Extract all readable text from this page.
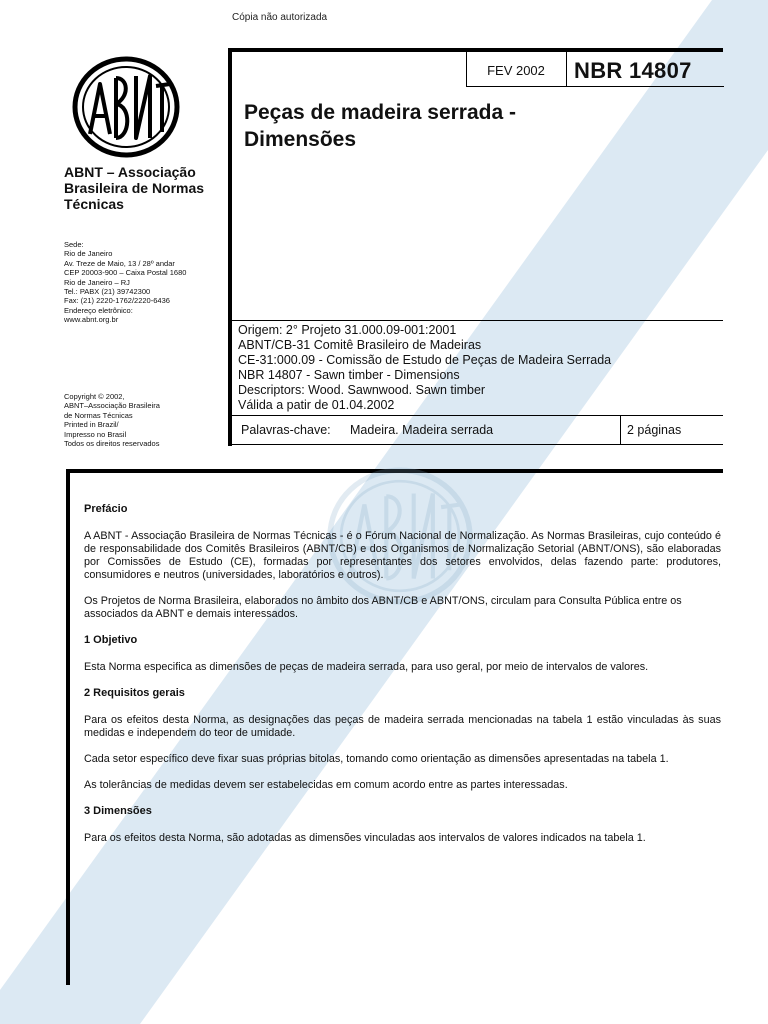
Cópia não autorizada
ABNT
ABNT – Associação Brasileira de Normas Técnicas
Sede:
Rio de Janeiro
Av. Treze de Maio, 13 / 28º andar
CEP 20003-900 – Caixa Postal 1680
Rio de Janeiro – RJ
Tel.: PABX (21) 39742300
Fax: (21) 2220-1762/2220-6436
Endereço eletrônico:
www.abnt.org.br
Copyright © 2002,
ABNT–Associação Brasileira
de Normas Técnicas
Printed in Brazil/
Impresso no Brasil
Todos os direitos reservados
FEV 2002	NBR 14807
Peças de madeira serrada -
Dimensões
Origem: 2° Projeto 31.000.09-001:2001
ABNT/CB-31 Comitê Brasileiro de Madeiras
CE-31:000.09 - Comissão de Estudo de Peças de Madeira Serrada
NBR 14807 - Sawn timber - Dimensions
Descriptors: Wood. Sawnwood. Sawn timber
Válida a patir de 01.04.2002
Palavras-chave: Madeira. Madeira serrada	2 páginas
Prefácio

A ABNT - Associação Brasileira de Normas Técnicas - é o Fórum Nacional de Normalização. As Normas Brasileiras, cujo conteúdo é de responsabilidade dos Comitês Brasileiros (ABNT/CB) e dos Organismos de Normalização Setorial (ABNT/ONS), são elaboradas por Comissões de Estudo (CE), formadas por representantes dos setores envolvidos, delas fazendo parte: produtores, consumidores e neutros (universidades, laboratórios e outros).

Os Projetos de Norma Brasileira, elaborados no âmbito dos ABNT/CB e ABNT/ONS, circulam para Consulta Pública entre os associados da ABNT e demais interessados.

1 Objetivo

Esta Norma especifica as dimensões de peças de madeira serrada, para uso geral, por meio de intervalos de valores.

2 Requisitos gerais

Para os efeitos desta Norma, as designações das peças de madeira serrada mencionadas na tabela 1 estão vinculadas às suas medidas e independem do teor de umidade.

Cada setor específico deve fixar suas próprias bitolas, tomando como orientação as dimensões apresentadas na tabela 1.

As tolerâncias de medidas devem ser estabelecidas em comum acordo entre as partes interessadas.

3 Dimensões

Para os efeitos desta Norma, são adotadas as dimensões vinculadas aos intervalos de valores indicados na tabela 1.
